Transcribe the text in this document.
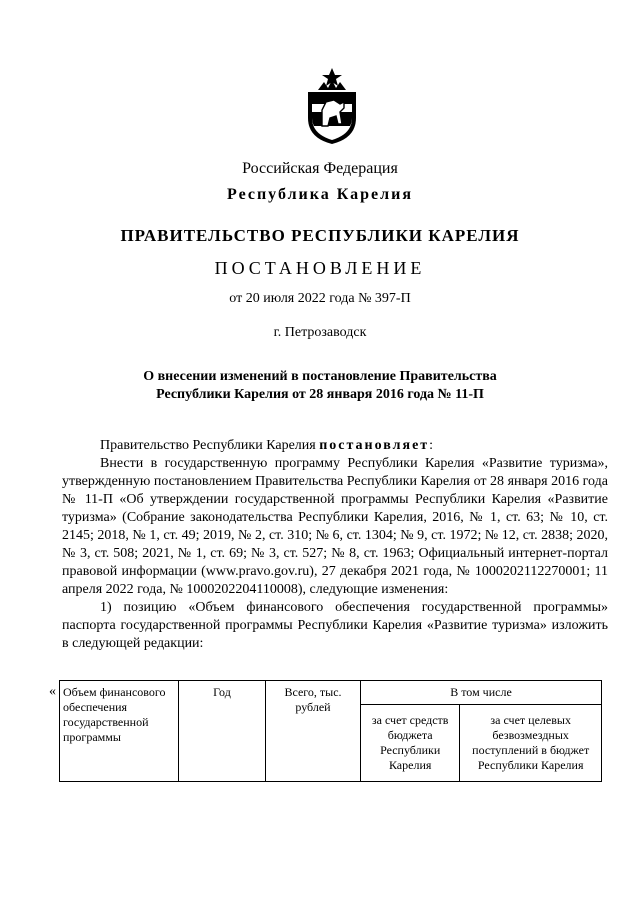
Российская Федерация
Республика Карелия
ПРАВИТЕЛЬСТВО РЕСПУБЛИКИ КАРЕЛИЯ
ПОСТАНОВЛЕНИЕ
от 20 июля 2022 года № 397-П
г. Петрозаводск
О внесении изменений в постановление Правительства
Республики Карелия от 28 января 2016 года № 11-П

Правительство Республики Карелия постановляет:

Внести в государственную программу Республики Карелия «Развитие туризма», утвержденную постановлением Правительства Республики Карелия от 28 января 2016 года № 11-П «Об утверждении государственной программы Республики Карелия «Развитие туризма» (Собрание законодательства Республики Карелия, 2016, № 1, ст. 63; № 10, ст. 2145; 2018, № 1, ст. 49; 2019, № 2, ст. 310; № 6, ст. 1304; № 9, ст. 1972; № 12, ст. 2838; 2020, № 3, ст. 508; 2021, № 1, ст. 69; № 3, ст. 527; № 8, ст. 1963; Официальный интернет-портал правовой информации (www.pravo.gov.ru), 27 декабря 2021 года, № 1000202112270001; 11 апреля 2022 года, № 1000202204110008), следующие изменения:

1) позицию «Объем финансового обеспечения государственной программы» паспорта государственной программы Республики Карелия «Развитие туризма» изложить в следующей редакции:

« Объем финансового обеспечения государственной программы	Год	Всего, тыс. рублей	В том числе	
			за счет средств бюджета Республики Карелия	за счет целевых безвозмездных поступлений в бюджет Республики Карелия
